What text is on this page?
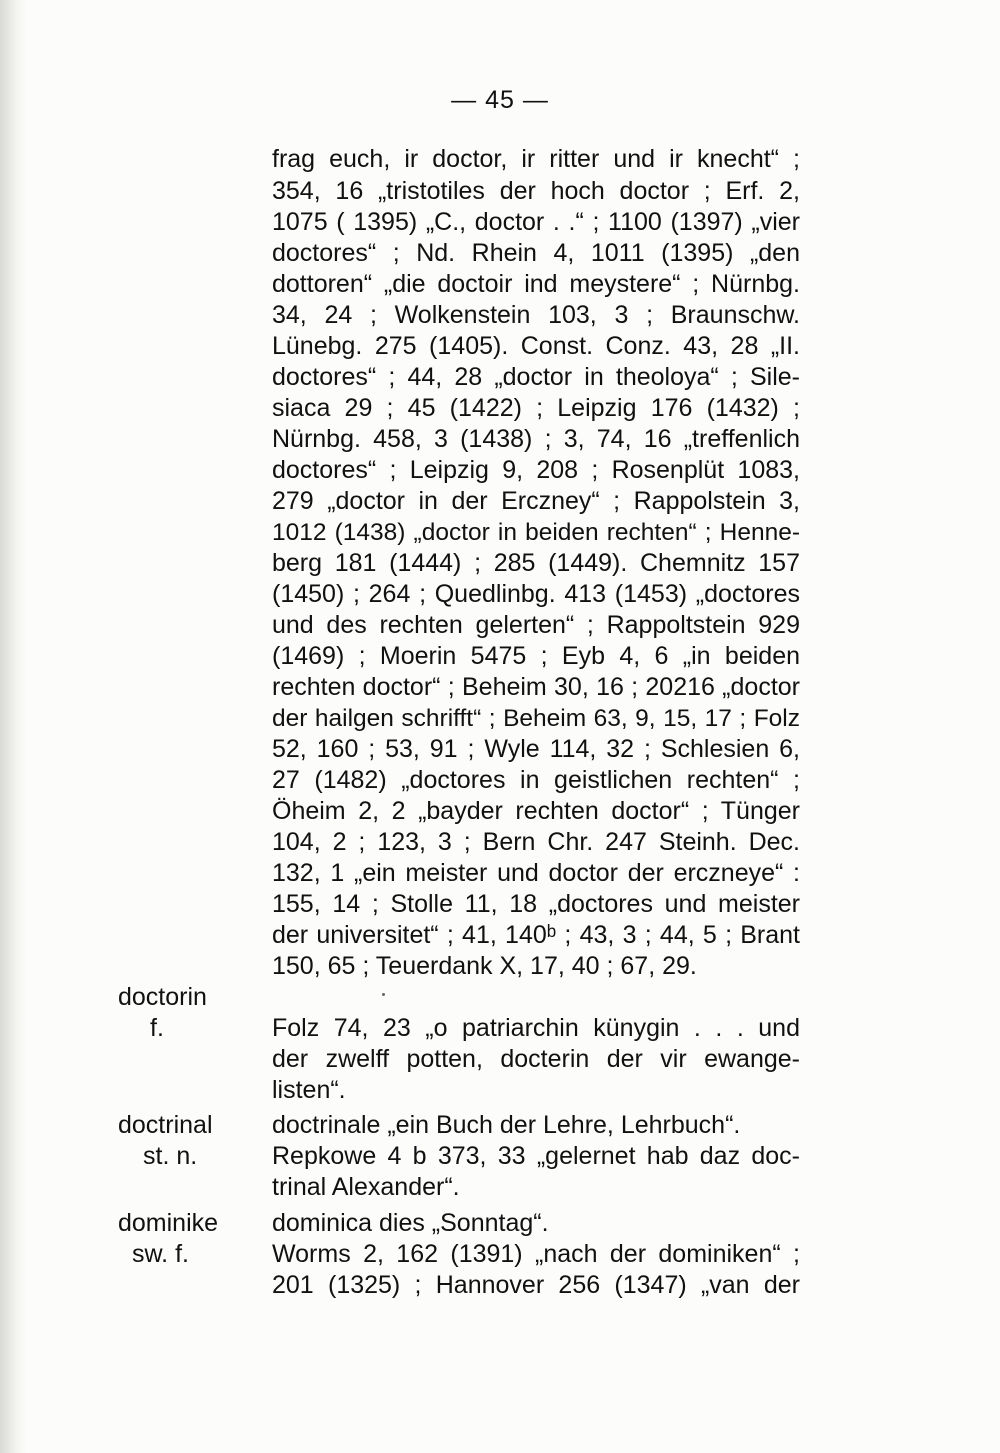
— 45 —
frag euch, ir doctor, ir ritter und ir knecht“ ;
354, 16 „tristotiles der hoch doctor ; Erf. 2,
1075 ( 1395) „C., doctor . .“ ; 1100 (1397) „vier
doctores“ ; Nd. Rhein 4, 1011 (1395) „den
dottoren“ „die doctoir ind meystere“ ; Nürnbg.
34, 24 ; Wolkenstein 103, 3 ; Braunschw.
Lünebg. 275 (1405). Const. Conz. 43, 28 „II.
doctores“ ; 44, 28 „doctor in theoloya“ ; Sile-
siaca 29 ; 45 (1422) ; Leipzig 176 (1432) ;
Nürnbg. 458, 3 (1438) ; 3, 74, 16 „treffenlich
doctores“ ; Leipzig 9, 208 ; Rosenplüt 1083,
279 „doctor in der Erczney“ ; Rappolstein 3,
1012 (1438) „doctor in beiden rechten“ ; Henne-
berg 181 (1444) ; 285 (1449). Chemnitz 157
(1450) ; 264 ; Quedlinbg. 413 (1453) „doctores
und des rechten gelerten“ ; Rappoltstein 929
(1469) ; Moerin 5475 ; Eyb 4, 6 „in beiden
rechten doctor“ ; Beheim 30, 16 ; 20216 „doctor
der hailgen schrifft“ ; Beheim 63, 9, 15, 17 ; Folz
52, 160 ; 53, 91 ; Wyle 114, 32 ; Schlesien 6,
27 (1482) „doctores in geistlichen rechten“ ;
Öheim 2, 2 „bayder rechten doctor“ ; Tünger
104, 2 ; 123, 3 ; Bern Chr. 247 Steinh. Dec.
132, 1 „ein meister und doctor der erczneye“ :
155, 14 ; Stolle 11, 18 „doctores und meister
der universitet“ ; 41, 140ᵇ ; 43, 3 ; 44, 5 ; Brant
150, 65 ; Teuerdank X, 17, 40 ; 67, 29.
doctorin
f.	Folz 74, 23 „o patriarchin künygin . . . und
der zwelff potten, docterin der vir ewange-
listen“.
doctrinal
st. n.
doctrinale „ein Buch der Lehre, Lehrbuch“.
Repkowe 4 b 373, 33 „gelernet hab daz doc-
trinal Alexander“.
dominike
sw. f.
dominica dies „Sonntag“.
Worms 2, 162 (1391) „nach der dominiken“ ;
201 (1325) ; Hannover 256 (1347) „van der
